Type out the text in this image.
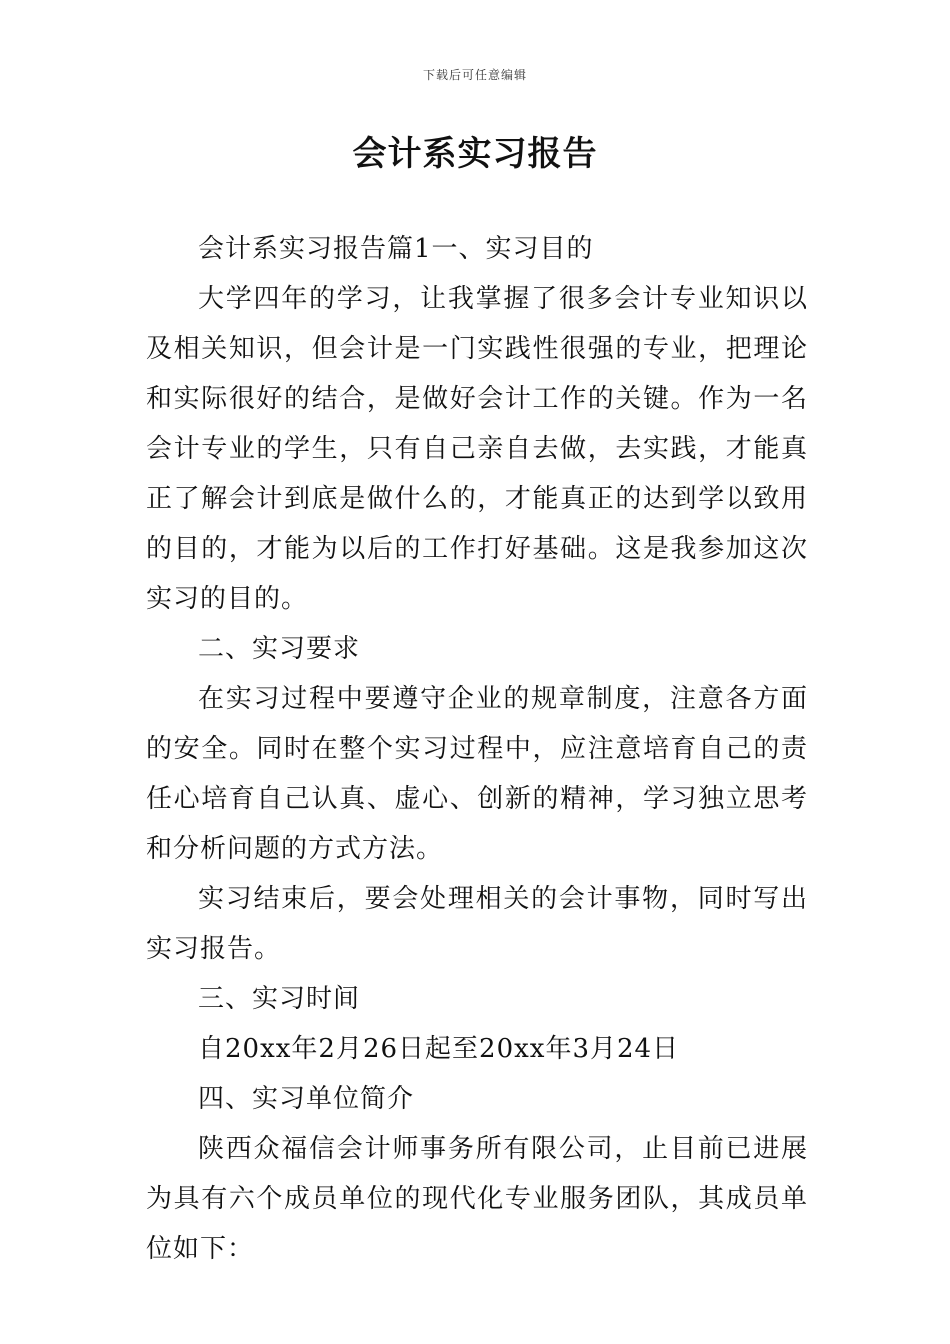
下载后可任意编辑
会计系实习报告

会计系实习报告篇1一、实习目的

大学四年的学习，让我掌握了很多会计专业知识以及相关知识，但会计是一门实践性很强的专业，把理论和实际很好的结合，是做好会计工作的关键。作为一名会计专业的学生，只有自己亲自去做，去实践，才能真正了解会计到底是做什么的，才能真正的达到学以致用的目的，才能为以后的工作打好基础。这是我参加这次实习的目的。

二、实习要求

在实习过程中要遵守企业的规章制度，注意各方面的安全。同时在整个实习过程中，应注意培育自己的责任心培育自己认真、虚心、创新的精神，学习独立思考和分析问题的方式方法。

实习结束后，要会处理相关的会计事物，同时写出实习报告。

三、实习时间

自20xx年2月26日起至20xx年3月24日

四、实习单位简介

陕西众福信会计师事务所有限公司，止目前已进展为具有六个成员单位的现代化专业服务团队，其成员单位如下：
